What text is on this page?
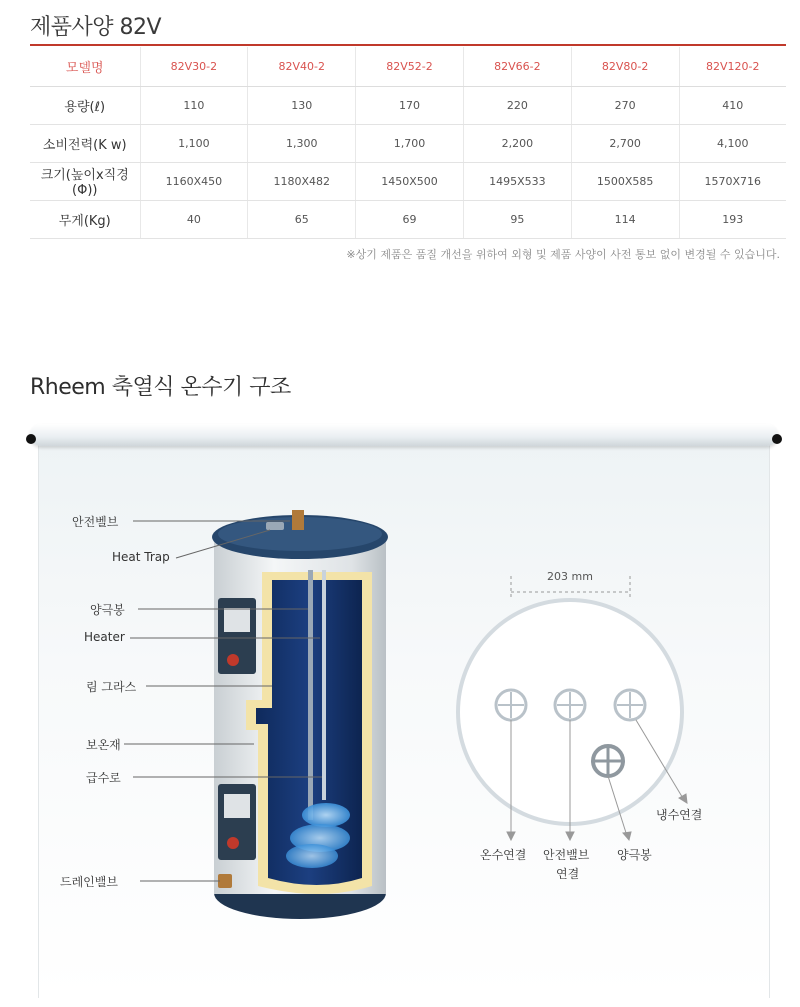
제품사양 82V
모델명	82V30-2	82V40-2	82V52-2	82V66-2	82V80-2	82V120-2
용량(ℓ)	110	130	170	220	270	410
소비전력(K w)	1,100	1,300	1,700	2,200	2,700	4,100
크기(높이x직경(Φ))	1160X450	1180X482	1450X500	1495X533	1500X585	1570X716
무게(Kg)	40	65	69	95	114	193
※상기 제품은 품질 개선을 위하여 외형 및 제품 사양이 사전 통보 없이 변경될 수 있습니다.
Rheem 축열식 온수기 구조
안전벨브
Heat Trap
양극봉
Heater
림 그라스
보온재
급수로
드레인밸브
203 mm
온수연결 안전밸브
연결
양극봉
냉수연결
